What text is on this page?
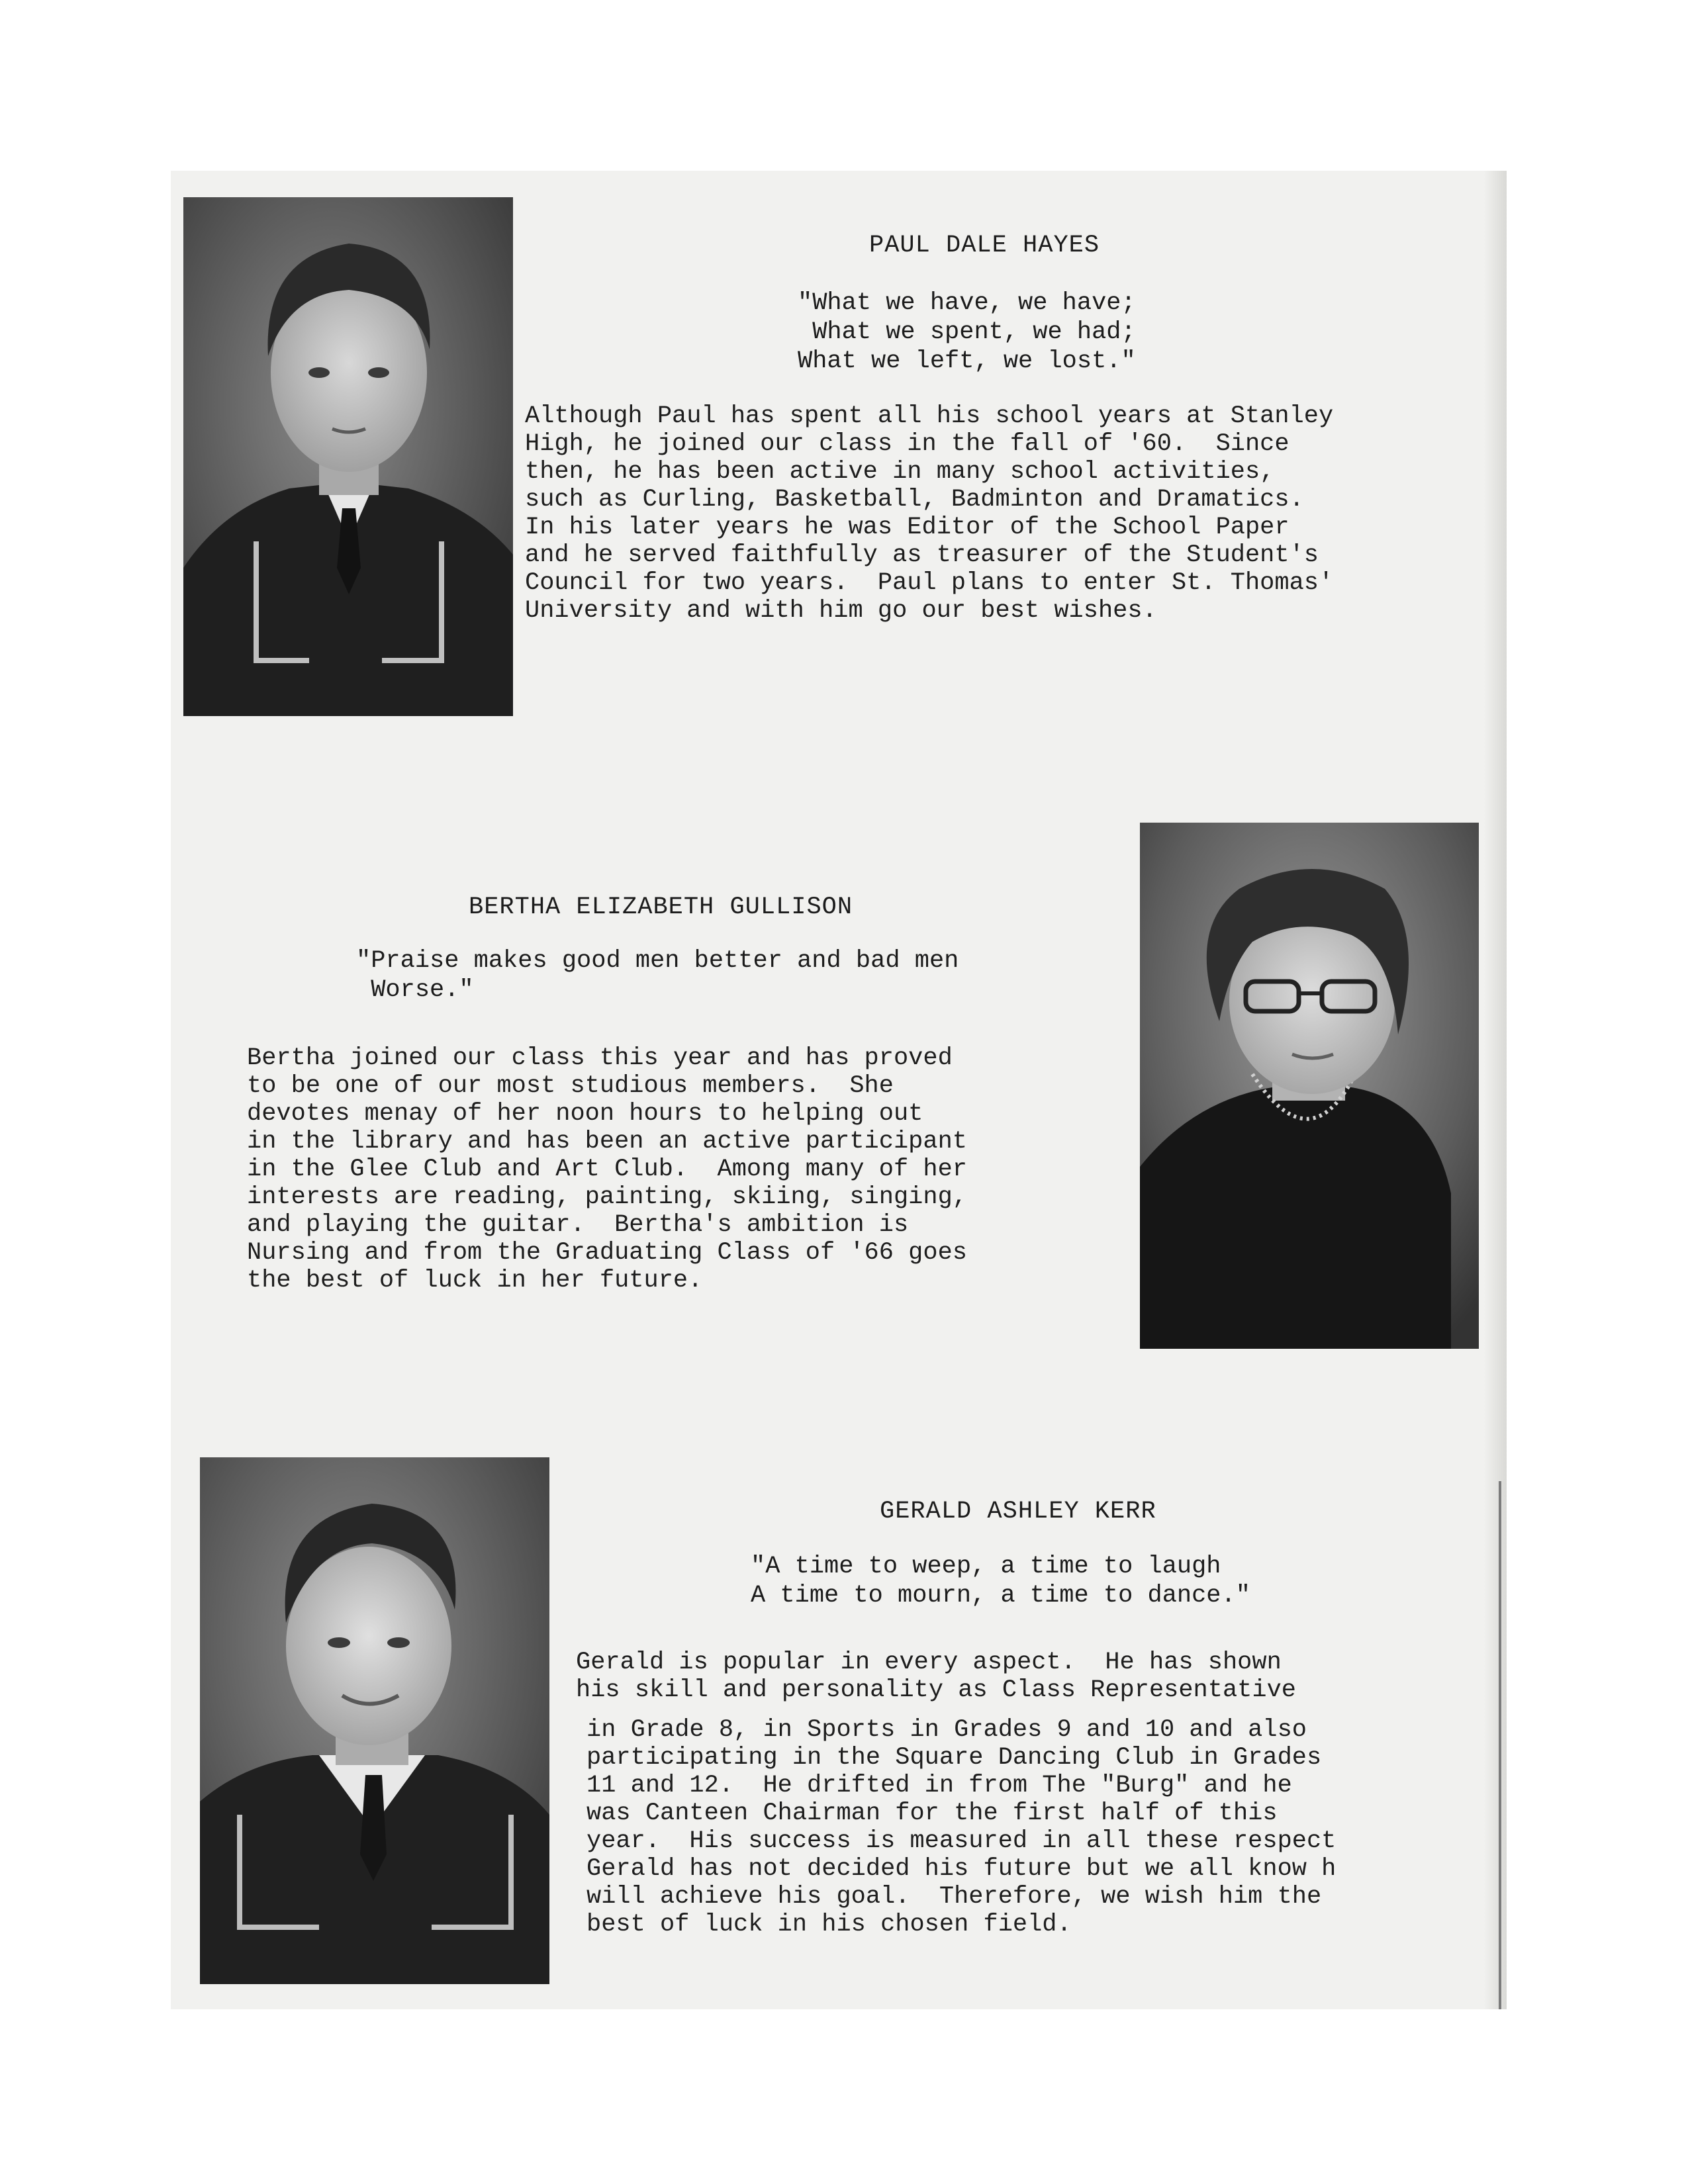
PAUL DALE HAYES
"What we have, we have;
What we spent, we had;
What we left, we lost."
Although Paul has spent all his school years at Stanley
High, he joined our class in the fall of '60.  Since
then, he has been active in many school activities,
such as Curling, Basketball, Badminton and Dramatics.
In his later years he was Editor of the School Paper
and he served faithfully as treasurer of the Student's
Council for two years.  Paul plans to enter St. Thomas'
University and with him go our best wishes.
BERTHA ELIZABETH GULLISON
"Praise makes good men better and bad men
Worse."
Bertha joined our class this year and has proved
to be one of our most studious members.  She
devotes menay of her noon hours to helping out
in the library and has been an active participant
in the Glee Club and Art Club.  Among many of her
interests are reading, painting, skiing, singing,
and playing the guitar.  Bertha's ambition is
Nursing and from the Graduating Class of '66 goes
the best of luck in her future.
GERALD ASHLEY KERR
"A time to weep, a time to laugh
A time to mourn, a time to dance."
Gerald is popular in every aspect.  He has shown
his skill and personality as Class Representative
in Grade 8, in Sports in Grades 9 and 10 and also
participating in the Square Dancing Club in Grades
11 and 12.  He drifted in from The "Burg" and he
was Canteen Chairman for the first half of this
year.  His success is measured in all these respect
Gerald has not decided his future but we all know h
will achieve his goal.  Therefore, we wish him the
best of luck in his chosen field.
